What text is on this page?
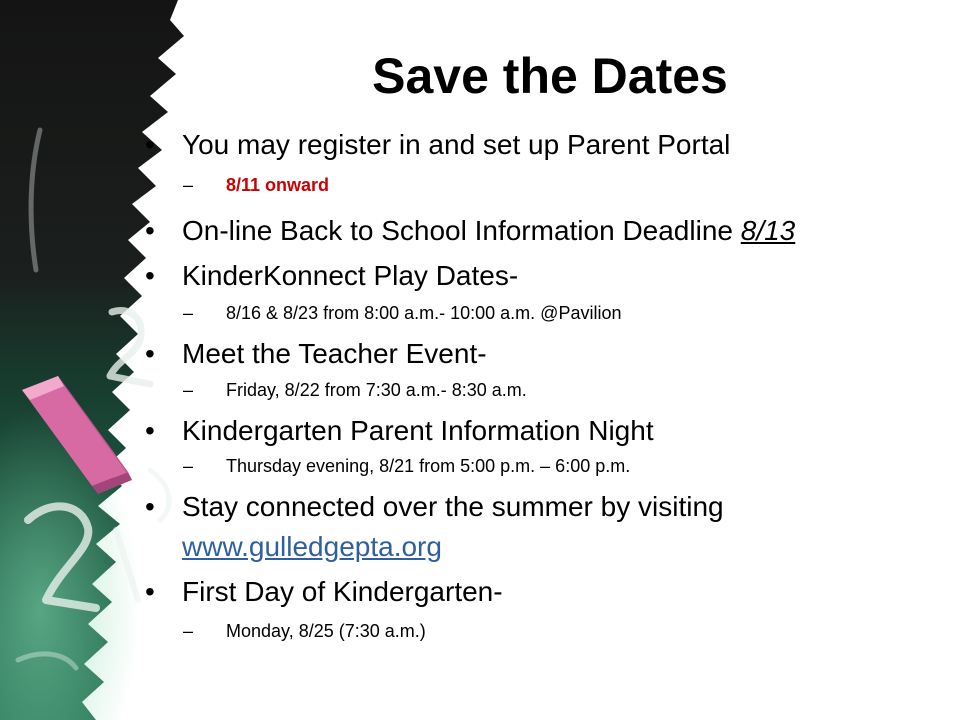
Save the Dates
• You may register in and set up Parent Portal
– 8/11 onward
• On-line Back to School Information Deadline 8/13
• KinderKonnect Play Dates-
– 8/16 & 8/23 from 8:00 a.m.- 10:00 a.m. @Pavilion
• Meet the Teacher Event-
– Friday, 8/22 from 7:30 a.m.- 8:30 a.m.
• Kindergarten Parent Information Night
– Thursday evening, 8/21 from 5:00 p.m. – 6:00 p.m.
• Stay connected over the summer by visiting
www.gulledgepta.org
• First Day of Kindergarten-
– Monday, 8/25 (7:30 a.m.)
